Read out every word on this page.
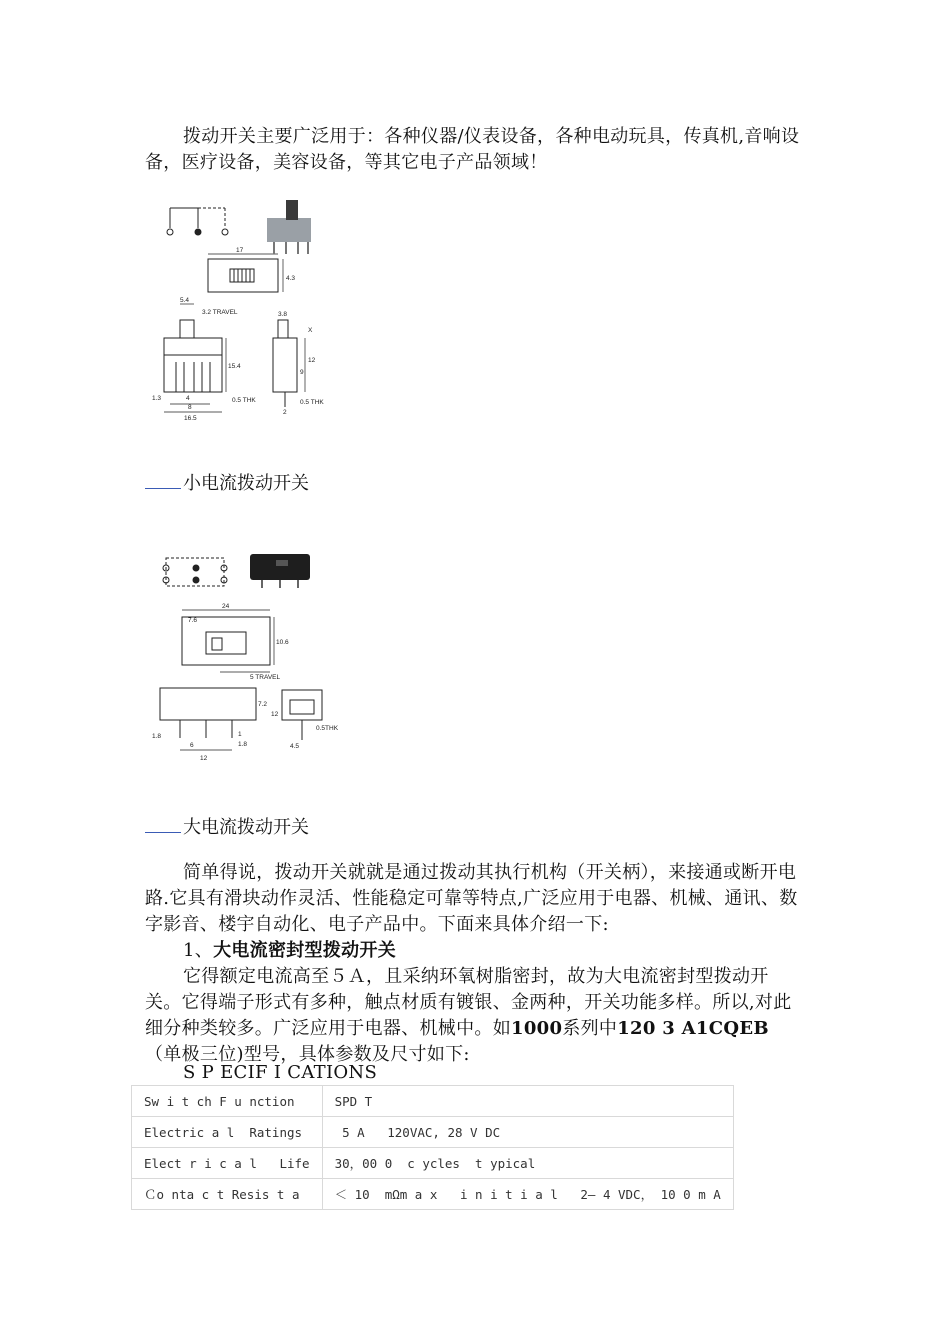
拨动开关主要广泛用于：各种仪器/仪表设备，各种电动玩具，传真机,音响设备，医疗设备，美容设备，等其它电子产品领域！

17
4.3
5.4
3.2 TRAVEL
15.4
1.3	4
8
16.5
0.5 THK
3.8
X
12
9
2
0.5 THK
小电流拨动开关
24
7.6
10.6
5 TRAVEL
7.2
12
1.8
6
1
1.8
12
4.5
0.5THK
大电流拨动开关

简单得说，拨动开关就就是通过拨动其执行机构（开关柄），来接通或断开电路.它具有滑块动作灵活、性能稳定可靠等特点,广泛应用于电器、机械、通讯、数字影音、楼宇自动化、电子产品中。下面来具体介绍一下:

1、大电流密封型拨动开关

它得额定电流高至５Ａ，且采纳环氧树脂密封，故为大电流密封型拨动开关。它得端子形式有多种，触点材质有镀银、金两种，开关功能多样。所以,对此细分种类较多。广泛应用于电器、机械中。如1000系列中120 3 A1CQEB（单极三位)型号，具体参数及尺寸如下:

S P ECIF I CATIONS
Sw i t ch F u nction	SPD T
Electric a l  Ratings	5 A   120VAC, 28 V DC
Elect r i c a l   Life	30，00 0  c ycles  t ypical
Ｃo nta c t Resis t a	＜ 10  mΩm a x   i n i t i a l   2— 4 VDC， 10 0 m A
